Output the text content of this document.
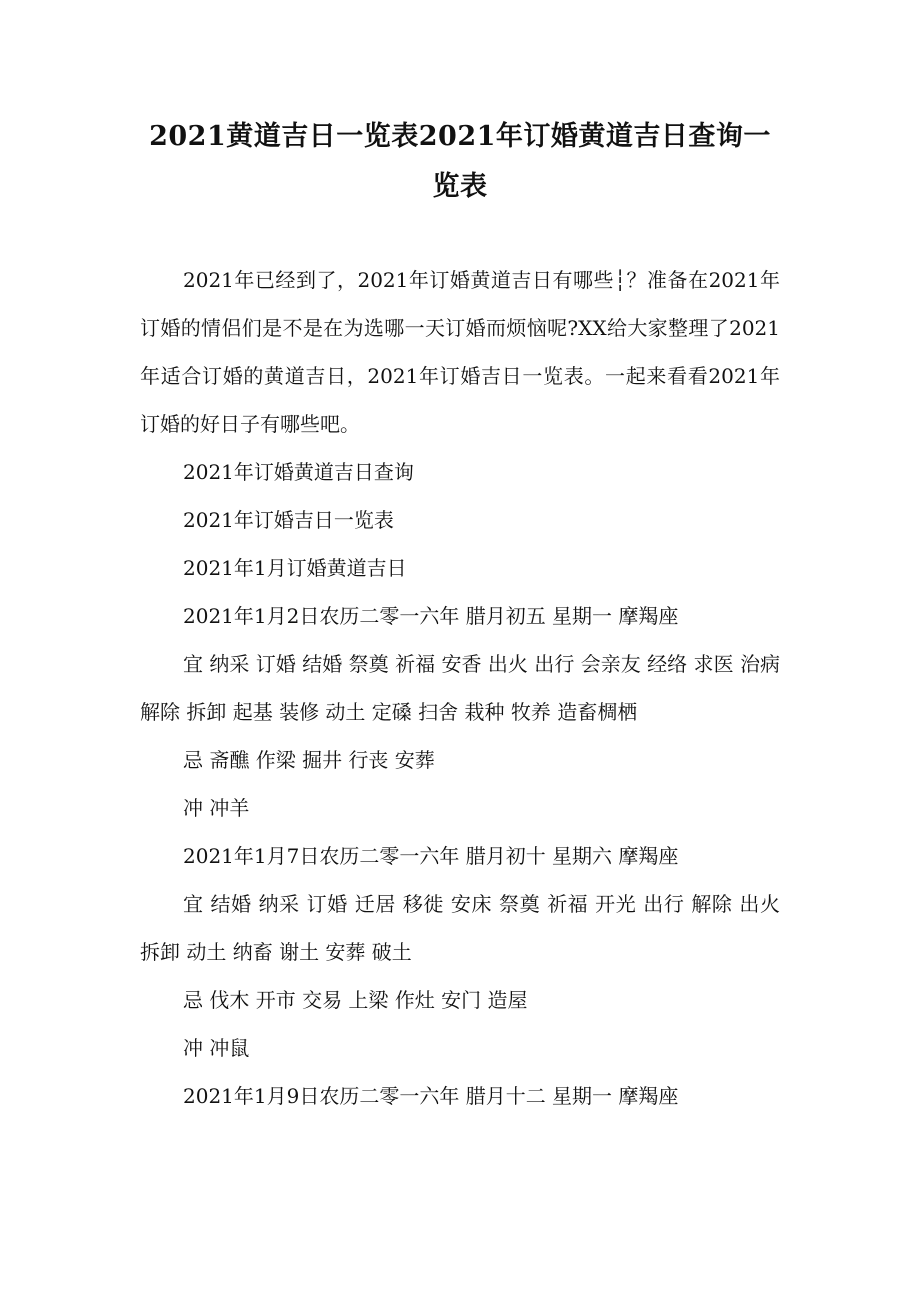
2021黄道吉日一览表2021年订婚黄道吉日查询一览表

2021年已经到了，2021年订婚黄道吉日有哪些┆？准备在2021年订婚的情侣们是不是在为选哪一天订婚而烦恼呢?XX给大家整理了2021年适合订婚的黄道吉日，2021年订婚吉日一览表。一起来看看2021年订婚的好日子有哪些吧。

2021年订婚黄道吉日查询

2021年订婚吉日一览表

2021年1月订婚黄道吉日

2021年1月2日农历二零一六年 腊月初五 星期一 摩羯座

宜 纳采 订婚 结婚 祭奠 祈福 安香 出火 出行 会亲友 经络 求医 治病 解除 拆卸 起基 装修 动土 定磉 扫舍 栽种 牧养 造畜椆栖

忌 斋醮 作梁 掘井 行丧 安葬

冲 冲羊

2021年1月7日农历二零一六年 腊月初十 星期六 摩羯座

宜 结婚 纳采 订婚 迁居 移徙 安床 祭奠 祈福 开光 出行 解除 出火 拆卸 动土 纳畜 谢土 安葬 破土

忌 伐木 开市 交易 上梁 作灶 安门 造屋

冲 冲鼠

2021年1月9日农历二零一六年 腊月十二 星期一 摩羯座
